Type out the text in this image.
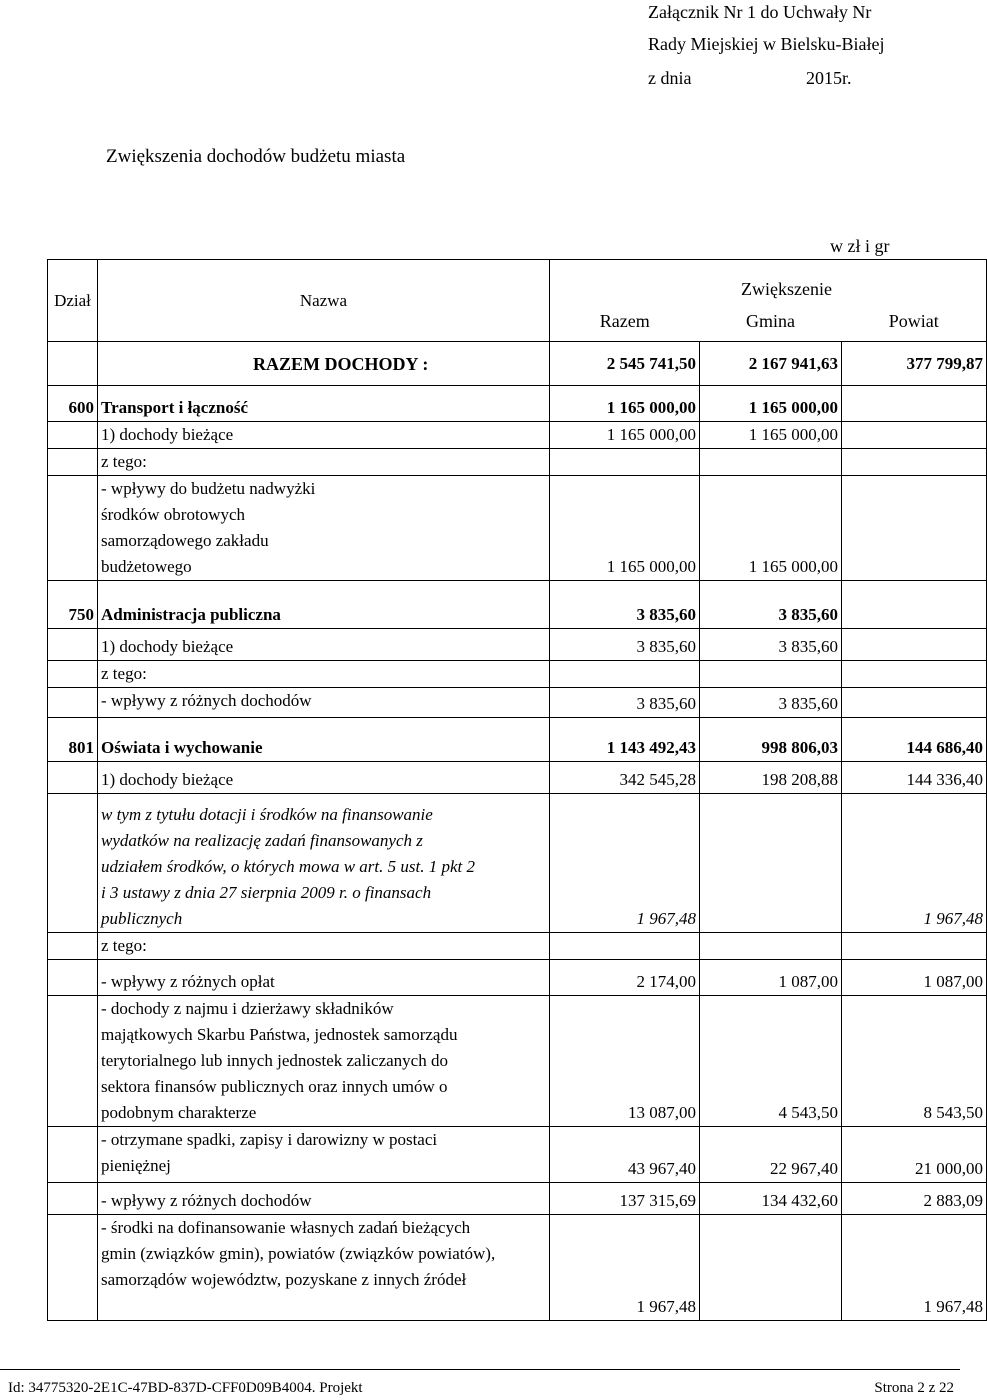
Załącznik Nr 1 do Uchwały Nr
Rady Miejskiej w Bielsku-Białej
z dnia	2015r.
Zwiększenia dochodów budżetu miasta
w zł i gr
Dział	Nazwa	Zwiększenie		
		Razem	Gmina	Powiat
	RAZEM DOCHODY :	2 545 741,50	2 167 941,63	377 799,87
600	Transport i łączność	1 165 000,00	1 165 000,00	
	1) dochody bieżące	1 165 000,00	1 165 000,00	
	z tego:			
	- wpływy do budżetu nadwyżki środków obrotowych samorządowego zakładu budżetowego	1 165 000,00	1 165 000,00	
750	Administracja publiczna	3 835,60	3 835,60	
	1) dochody bieżące	3 835,60	3 835,60	
	z tego:			
	- wpływy z różnych dochodów	3 835,60	3 835,60	
801	Oświata i wychowanie	1 143 492,43	998 806,03	144 686,40
	1) dochody bieżące	342 545,28	198 208,88	144 336,40
	w tym z tytułu dotacji i środków na finansowanie wydatków na realizację zadań finansowanych z udziałem środków, o których mowa w art. 5 ust. 1 pkt 2 i 3 ustawy z dnia 27 sierpnia 2009 r. o finansach publicznych	1 967,48		1 967,48
	z tego:			
	- wpływy z różnych opłat	2 174,00	1 087,00	1 087,00
	- dochody z najmu i dzierżawy składników majątkowych Skarbu Państwa, jednostek samorządu terytorialnego lub innych jednostek zaliczanych do sektora finansów publicznych oraz innych umów o podobnym charakterze	13 087,00	4 543,50	8 543,50
	- otrzymane spadki, zapisy i darowizny w postaci pieniężnej	43 967,40	22 967,40	21 000,00
	- wpływy z różnych dochodów	137 315,69	134 432,60	2 883,09
	- środki na dofinansowanie własnych zadań bieżących gmin (związków gmin), powiatów (związków powiatów), samorządów województw, pozyskane z innych źródeł	1 967,48		1 967,48
Id: 34775320-2E1C-47BD-837D-CFF0D09B4004. Projekt	Strona 2 z 22
